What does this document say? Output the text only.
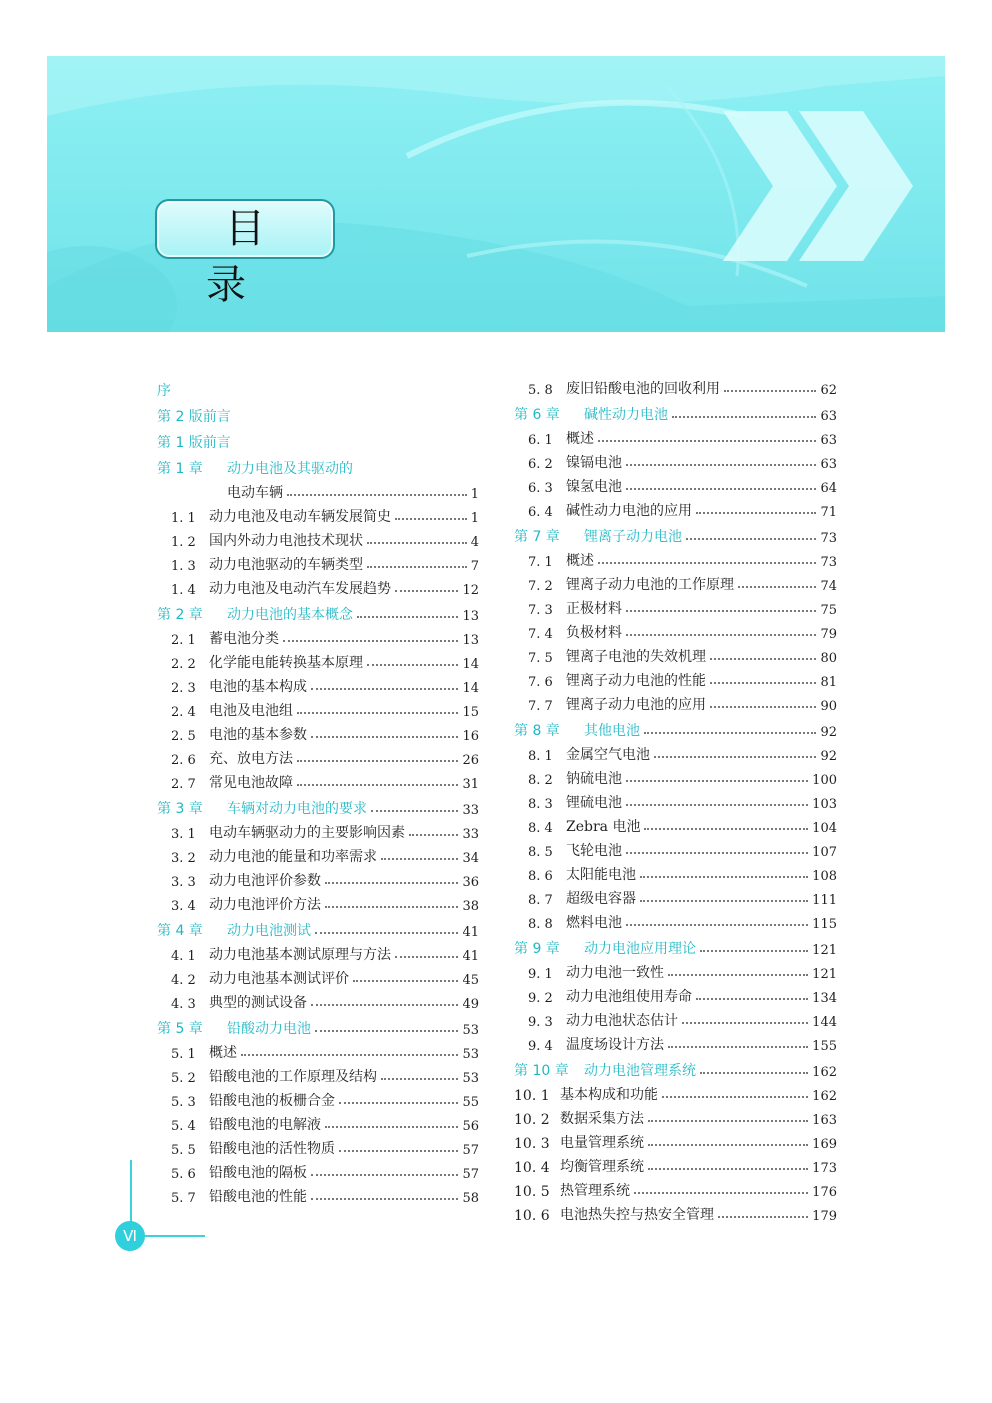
目 录
序
第 2 版前言
第 1 版前言
第 1 章	动力电池及其驱动的
电动车辆	1
1. 1 动力电池及电动车辆发展简史	1
1. 2 国内外动力电池技术现状	4
1. 3 动力电池驱动的车辆类型	7
1. 4 动力电池及电动汽车发展趋势	12
第 2 章	动力电池的基本概念	13
2. 1 蓄电池分类	13
2. 2 化学能电能转换基本原理	14
2. 3 电池的基本构成	14
2. 4 电池及电池组	15
2. 5 电池的基本参数	16
2. 6 充、放电方法	26
2. 7 常见电池故障	31
第 3 章	车辆对动力电池的要求	33
3. 1 电动车辆驱动力的主要影响因素	33
3. 2 动力电池的能量和功率需求	34
3. 3 动力电池评价参数	36
3. 4 动力电池评价方法	38
第 4 章	动力电池测试	41
4. 1 动力电池基本测试原理与方法	41
4. 2 动力电池基本测试评价	45
4. 3 典型的测试设备	49
第 5 章	铅酸动力电池	53
5. 1 概述	53
5. 2 铅酸电池的工作原理及结构	53
5. 3 铅酸电池的板栅合金	55
5. 4 铅酸电池的电解液	56
5. 5 铅酸电池的活性物质	57
5. 6 铅酸电池的隔板	57
5. 7 铅酸电池的性能	58
5. 8 废旧铅酸电池的回收利用	62
第 6 章	碱性动力电池	63
6. 1 概述	63
6. 2 镍镉电池	63
6. 3 镍氢电池	64
6. 4 碱性动力电池的应用	71
第 7 章	锂离子动力电池	73
7. 1 概述	73
7. 2 锂离子动力电池的工作原理	74
7. 3 正极材料	75
7. 4 负极材料	79
7. 5 锂离子电池的失效机理	80
7. 6 锂离子动力电池的性能	81
7. 7 锂离子动力电池的应用	90
第 8 章	其他电池	92
8. 1 金属空气电池	92
8. 2 钠硫电池	100
8. 3 锂硫电池	103
8. 4 Zebra 电池	104
8. 5 飞轮电池	107
8. 6 太阳能电池	108
8. 7 超级电容器	111
8. 8 燃料电池	115
第 9 章	动力电池应用理论	121
9. 1 动力电池一致性	121
9. 2 动力电池组使用寿命	134
9. 3 动力电池状态估计	144
9. 4 温度场设计方法	155
第 10 章	动力电池管理系统	162
10. 1 基本构成和功能	162
10. 2 数据采集方法	163
10. 3 电量管理系统	169
10. 4 均衡管理系统	173
10. 5 热管理系统	176
10. 6 电池热失控与热安全管理	179
Ⅵ
